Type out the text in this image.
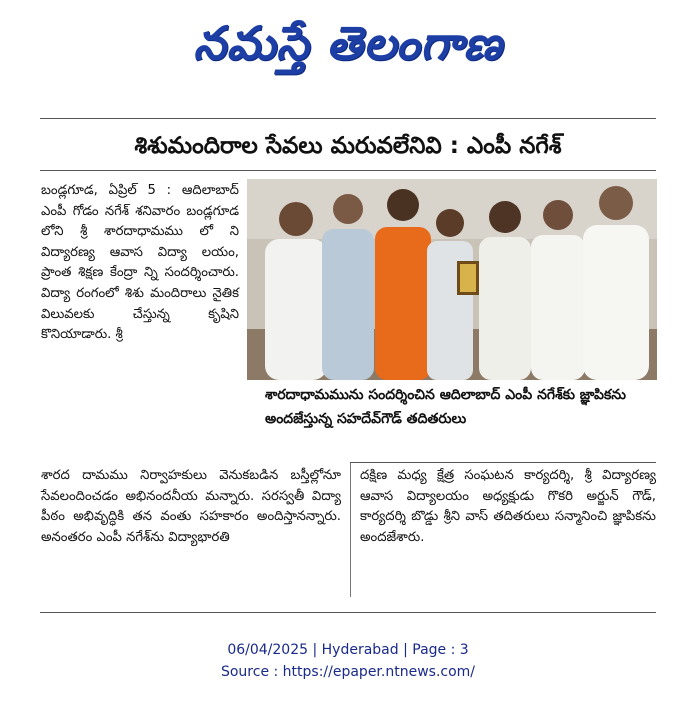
నమస్తే తెలంగాణ
శిశుమందిరాల సేవలు మరువలేనివి : ఎంపీ నగేశ్

బండ్లగూడ, ఏప్రిల్ 5 : ఆదిలాబాద్ ఎంపీ గోడం నగేశ్ శనివారం బండ్లగూడ లోని శ్రీ శారదాధామము లో ని విద్యారణ్య ఆవాస విద్యా లయం, ప్రాంత శిక్షణ కేంద్రా న్ని సందర్శించారు. విద్యా రంగంలో శిశు మందిరాలు నైతిక విలువలకు చేస్తున్న కృషిని కొనియాడారు. శ్రీ

శారద దామము నిర్వాహకులు వెనుకబడిన బస్తీల్లోనూ సేవలందించడం అభినందనీయ మన్నారు. సరస్వతీ విద్యా పీఠం అభివృద్ధికి తన వంతు సహకారం అందిస్తానన్నారు. అనంతరం ఎంపీ నగేశ్‌ను విద్యాభారతి

శారదాధామమును సందర్శించిన ఆదిలాబాద్ ఎంపీ నగేశ్‌కు జ్ఞాపికను అందజేస్తున్న సహదేవ్‌గౌడ్ తదితరులు

దక్షిణ మధ్య క్షేత్ర సంఘటన కార్యదర్శి, శ్రీ విద్యారణ్య ఆవాస విద్యాలయం అధ్యక్షుడు గొకరి అర్జున్ గౌడ్, కార్యదర్శి బొడ్డు శ్రీని వాస్ తదితరులు సన్మానించి జ్ఞాపికను అందజేశారు.

06/04/2025 | Hyderabad | Page : 3
Source : https://epaper.ntnews.com/
